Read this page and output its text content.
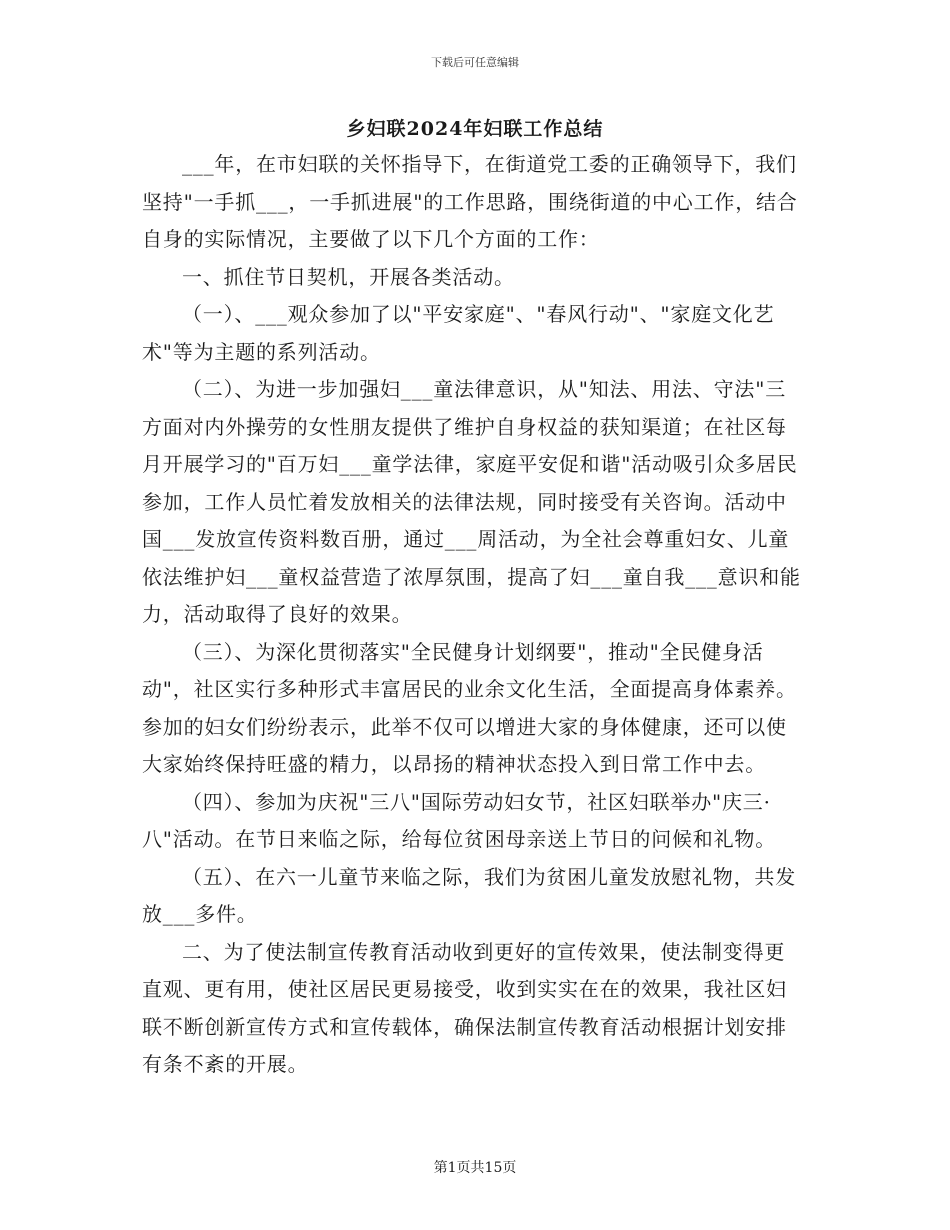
下载后可任意编辑
乡妇联2024年妇联工作总结

___年，在市妇联的关怀指导下，在街道党工委的正确领导下，我们坚持"一手抓___，一手抓进展"的工作思路，围绕街道的中心工作，结合自身的实际情况，主要做了以下几个方面的工作：

一、抓住节日契机，开展各类活动。

（一）、___观众参加了以"平安家庭"、"春风行动"、"家庭文化艺术"等为主题的系列活动。

（二）、为进一步加强妇___童法律意识，从"知法、用法、守法"三方面对内外操劳的女性朋友提供了维护自身权益的获知渠道；在社区每月开展学习的"百万妇___童学法律，家庭平安促和谐"活动吸引众多居民参加，工作人员忙着发放相关的法律法规，同时接受有关咨询。活动中国___发放宣传资料数百册，通过___周活动，为全社会尊重妇女、儿童依法维护妇___童权益营造了浓厚氛围，提高了妇___童自我___意识和能力，活动取得了良好的效果。

（三）、为深化贯彻落实"全民健身计划纲要"，推动"全民健身活动"，社区实行多种形式丰富居民的业余文化生活，全面提高身体素养。参加的妇女们纷纷表示，此举不仅可以增进大家的身体健康，还可以使大家始终保持旺盛的精力，以昂扬的精神状态投入到日常工作中去。

（四）、参加为庆祝"三八"国际劳动妇女节，社区妇联举办"庆三·八"活动。在节日来临之际，给每位贫困母亲送上节日的问候和礼物。

（五）、在六一儿童节来临之际，我们为贫困儿童发放慰礼物，共发放___多件。

二、为了使法制宣传教育活动收到更好的宣传效果，使法制变得更直观、更有用，使社区居民更易接受，收到实实在在的效果，我社区妇联不断创新宣传方式和宣传载体，确保法制宣传教育活动根据计划安排有条不紊的开展。

第1页共15页
